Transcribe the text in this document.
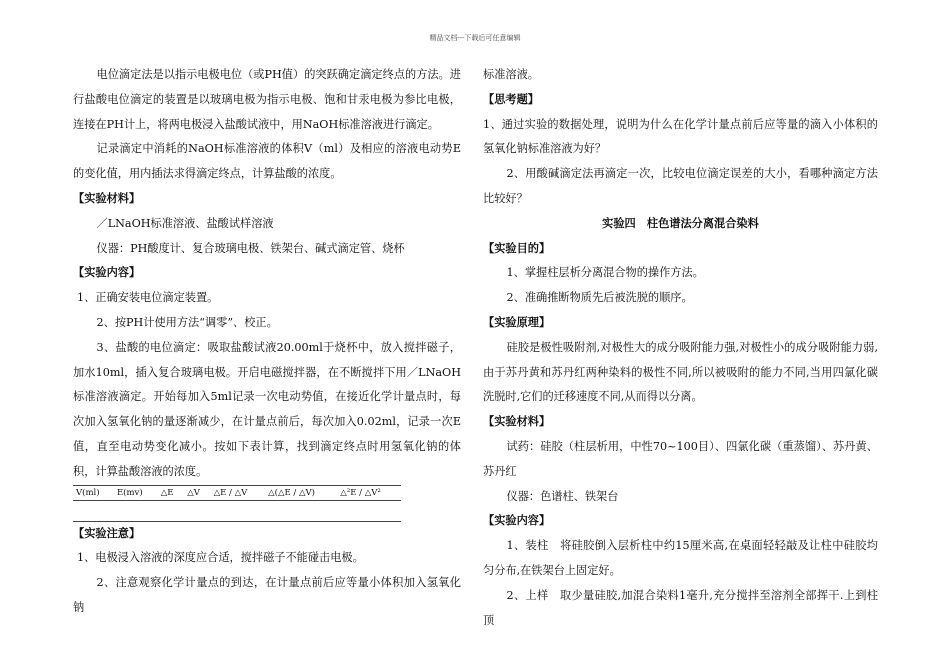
精品文档---下载后可任意编辑

电位滴定法是以指示电极电位（或PH值）的突跃确定滴定终点的方法。进行盐酸电位滴定的装置是以玻璃电极为指示电极、饱和甘汞电极为参比电极，连接在PH计上，将两电极浸入盐酸试液中，用NaOH标准溶液进行滴定。

记录滴定中消耗的NaOH标准溶液的体积V（ml）及相应的溶液电动势E的变化值，用内插法求得滴定终点，计算盐酸的浓度。

【实验材料】

／LNaOH标准溶液、盐酸试样溶液

仪器：PH酸度计、复合玻璃电极、铁架台、碱式滴定管、烧杯

【实验内容】

1、正确安装电位滴定装置。

2、按PH计使用方法“调零”、校正。

3、盐酸的电位滴定：吸取盐酸试液20.00ml于烧杯中，放入搅拌磁子，加水10ml，插入复合玻璃电极。开启电磁搅拌器，在不断搅拌下用／LNaOH标准溶液滴定。开始每加入5ml记录一次电动势值，在接近化学计量点时，每次加入氢氧化钠的量逐渐减少，在计量点前后，每次加入0.02ml，记录一次E值，直至电动势变化减小。按如下表计算，找到滴定终点时用氢氧化钠的体积，计算盐酸溶液的浓度。

V(ml)	E(mv)	△E	△V	△E / △V	△(△E / △V)	△²E / △V²

【实验注意】

1、电极浸入溶液的深度应合适，搅拌磁子不能碰击电极。

2、注意观察化学计量点的到达，在计量点前后应等量小体积加入氢氧化钠

标准溶液。

【思考题】

1、通过实验的数据处理，说明为什么在化学计量点前后应等量的滴入小体积的氢氧化钠标准溶液为好？

2、用酸碱滴定法再滴定一次，比较电位滴定误差的大小，看哪种滴定方法比较好？

实验四　柱色谱法分离混合染料

【实验目的】

1、掌握柱层析分离混合物的操作方法。

2、准确推断物质先后被洗脱的顺序。

【实验原理】

硅胶是极性吸附剂,对极性大的成分吸附能力强,对极性小的成分吸附能力弱,由于苏丹黄和苏丹红两种染料的极性不同,所以被吸附的能力不同,当用四氯化碳洗脱时,它们的迁移速度不同,从而得以分离。

【实验材料】

试药：硅胶（柱层析用，中性70~100目）、四氯化碳（重蒸馏）、苏丹黄、苏丹红

仪器：色谱柱、铁架台

【实验内容】

1、装柱　将硅胶倒入层析柱中约15厘米高,在桌面轻轻敲及让柱中硅胶均匀分布,在铁架台上固定好。

2、上样　取少量硅胶,加混合染料1毫升,充分搅拌至溶剂全部挥干.上到柱顶
